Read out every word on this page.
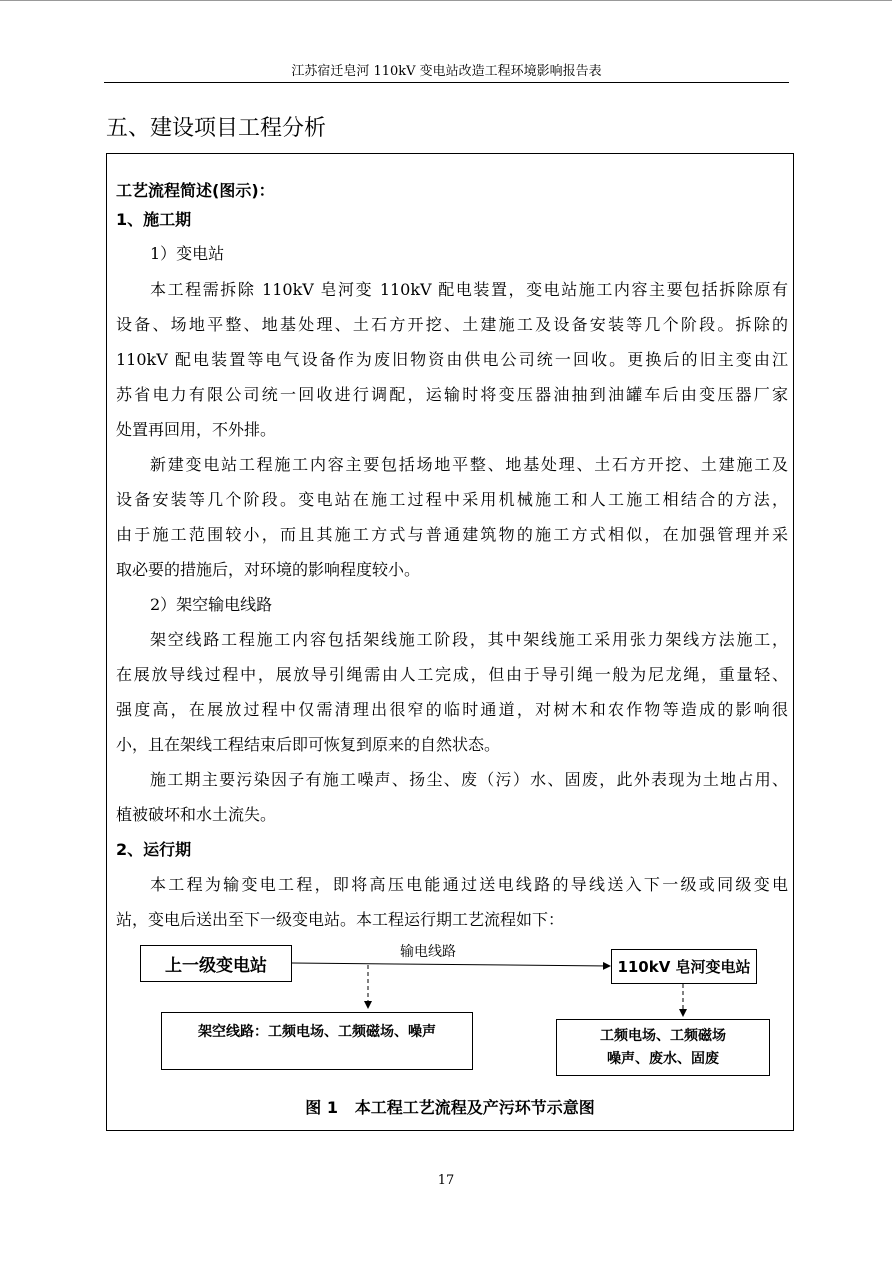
江苏宿迁皂河 110kV 变电站改造工程环境影响报告表
五、建设项目工程分析
工艺流程简述(图示)：
1、施工期
1）变电站
本工程需拆除 110kV 皂河变 110kV 配电装置，变电站施工内容主要包括拆除原有
设备、场地平整、地基处理、土石方开挖、土建施工及设备安装等几个阶段。拆除的
110kV 配电装置等电气设备作为废旧物资由供电公司统一回收。更换后的旧主变由江
苏省电力有限公司统一回收进行调配，运输时将变压器油抽到油罐车后由变压器厂家
处置再回用，不外排。
新建变电站工程施工内容主要包括场地平整、地基处理、土石方开挖、土建施工及
设备安装等几个阶段。变电站在施工过程中采用机械施工和人工施工相结合的方法，
由于施工范围较小，而且其施工方式与普通建筑物的施工方式相似，在加强管理并采
取必要的措施后，对环境的影响程度较小。
2）架空输电线路
架空线路工程施工内容包括架线施工阶段，其中架线施工采用张力架线方法施工，
在展放导线过程中，展放导引绳需由人工完成，但由于导引绳一般为尼龙绳，重量轻、
强度高，在展放过程中仅需清理出很窄的临时通道，对树木和农作物等造成的影响很
小，且在架线工程结束后即可恢复到原来的自然状态。
施工期主要污染因子有施工噪声、扬尘、废（污）水、固废，此外表现为土地占用、
植被破坏和水土流失。
2、运行期
本工程为输变电工程，即将高压电能通过送电线路的导线送入下一级或同级变电
站，变电后送出至下一级变电站。本工程运行期工艺流程如下：
上一级变电站
输电线路
110kV 皂河变电站
架空线路：工频电场、工频磁场、噪声	工频电场、工频磁场
噪声、废水、固废
图 1   本工程工艺流程及产污环节示意图
17
